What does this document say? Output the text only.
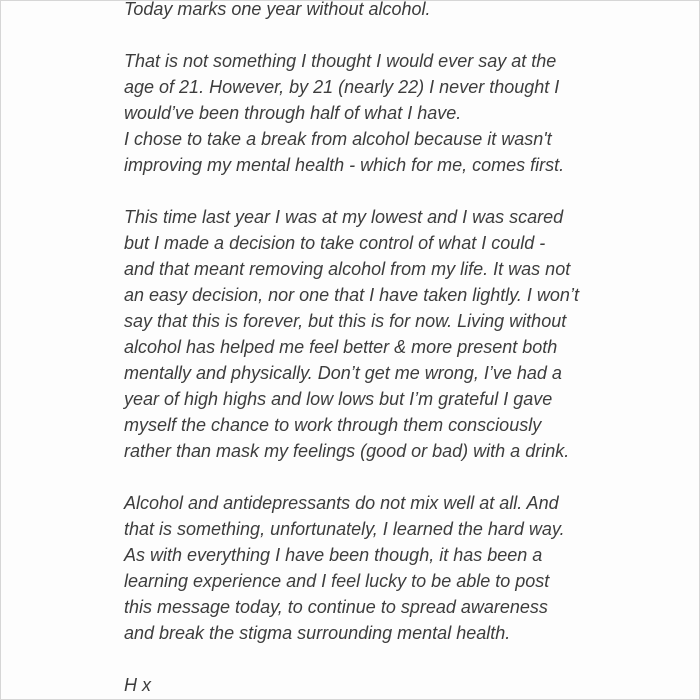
Today marks one year without alcohol.

That is not something I thought I would ever say at the
age of 21. However, by 21 (nearly 22) I never thought I
would’ve been through half of what I have.
I chose to take a break from alcohol because it wasn't
improving my mental health - which for me, comes first.

This time last year I was at my lowest and I was scared
but I made a decision to take control of what I could -
and that meant removing alcohol from my life. It was not
an easy decision, nor one that I have taken lightly. I won’t
say that this is forever, but this is for now. Living without
alcohol has helped me feel better & more present both
mentally and physically. Don’t get me wrong, I’ve had a
year of high highs and low lows but I’m grateful I gave
myself the chance to work through them consciously
rather than mask my feelings (good or bad) with a drink.

Alcohol and antidepressants do not mix well at all. And
that is something, unfortunately, I learned the hard way.
As with everything I have been though, it has been a
learning experience and I feel lucky to be able to post
this message today, to continue to spread awareness
and break the stigma surrounding mental health.

H x
